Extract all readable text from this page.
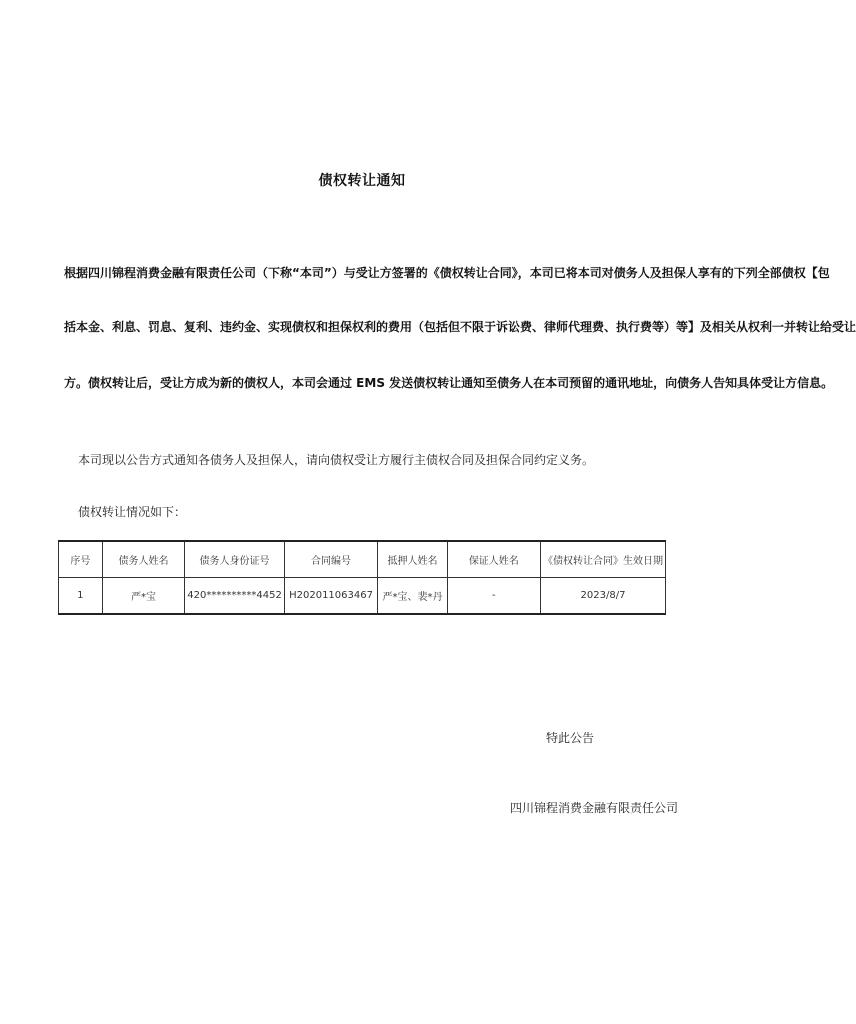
债权转让通知
根据四川锦程消费金融有限责任公司（下称“本司”）与受让方签署的《债权转让合同》，本司已将本司对债务人及担保人享有的下列全部债权【包
括本金、利息、罚息、复利、违约金、实现债权和担保权利的费用（包括但不限于诉讼费、律师代理费、执行费等）等】及相关从权利一并转让给受让
方。债权转让后，受让方成为新的债权人，本司会通过 EMS 发送债权转让通知至债务人在本司预留的通讯地址，向债务人告知具体受让方信息。
本司现以公告方式通知各债务人及担保人，请向债权受让方履行主债权合同及担保合同约定义务。
债权转让情况如下：
序号	债务人姓名	债务人身份证号	合同编号	抵押人姓名	保证人姓名	《债权转让合同》生效日期
1	严*宝	420**********4452	H202011063467	严*宝、裴*丹	-	2023/8/7
特此公告
四川锦程消费金融有限责任公司
